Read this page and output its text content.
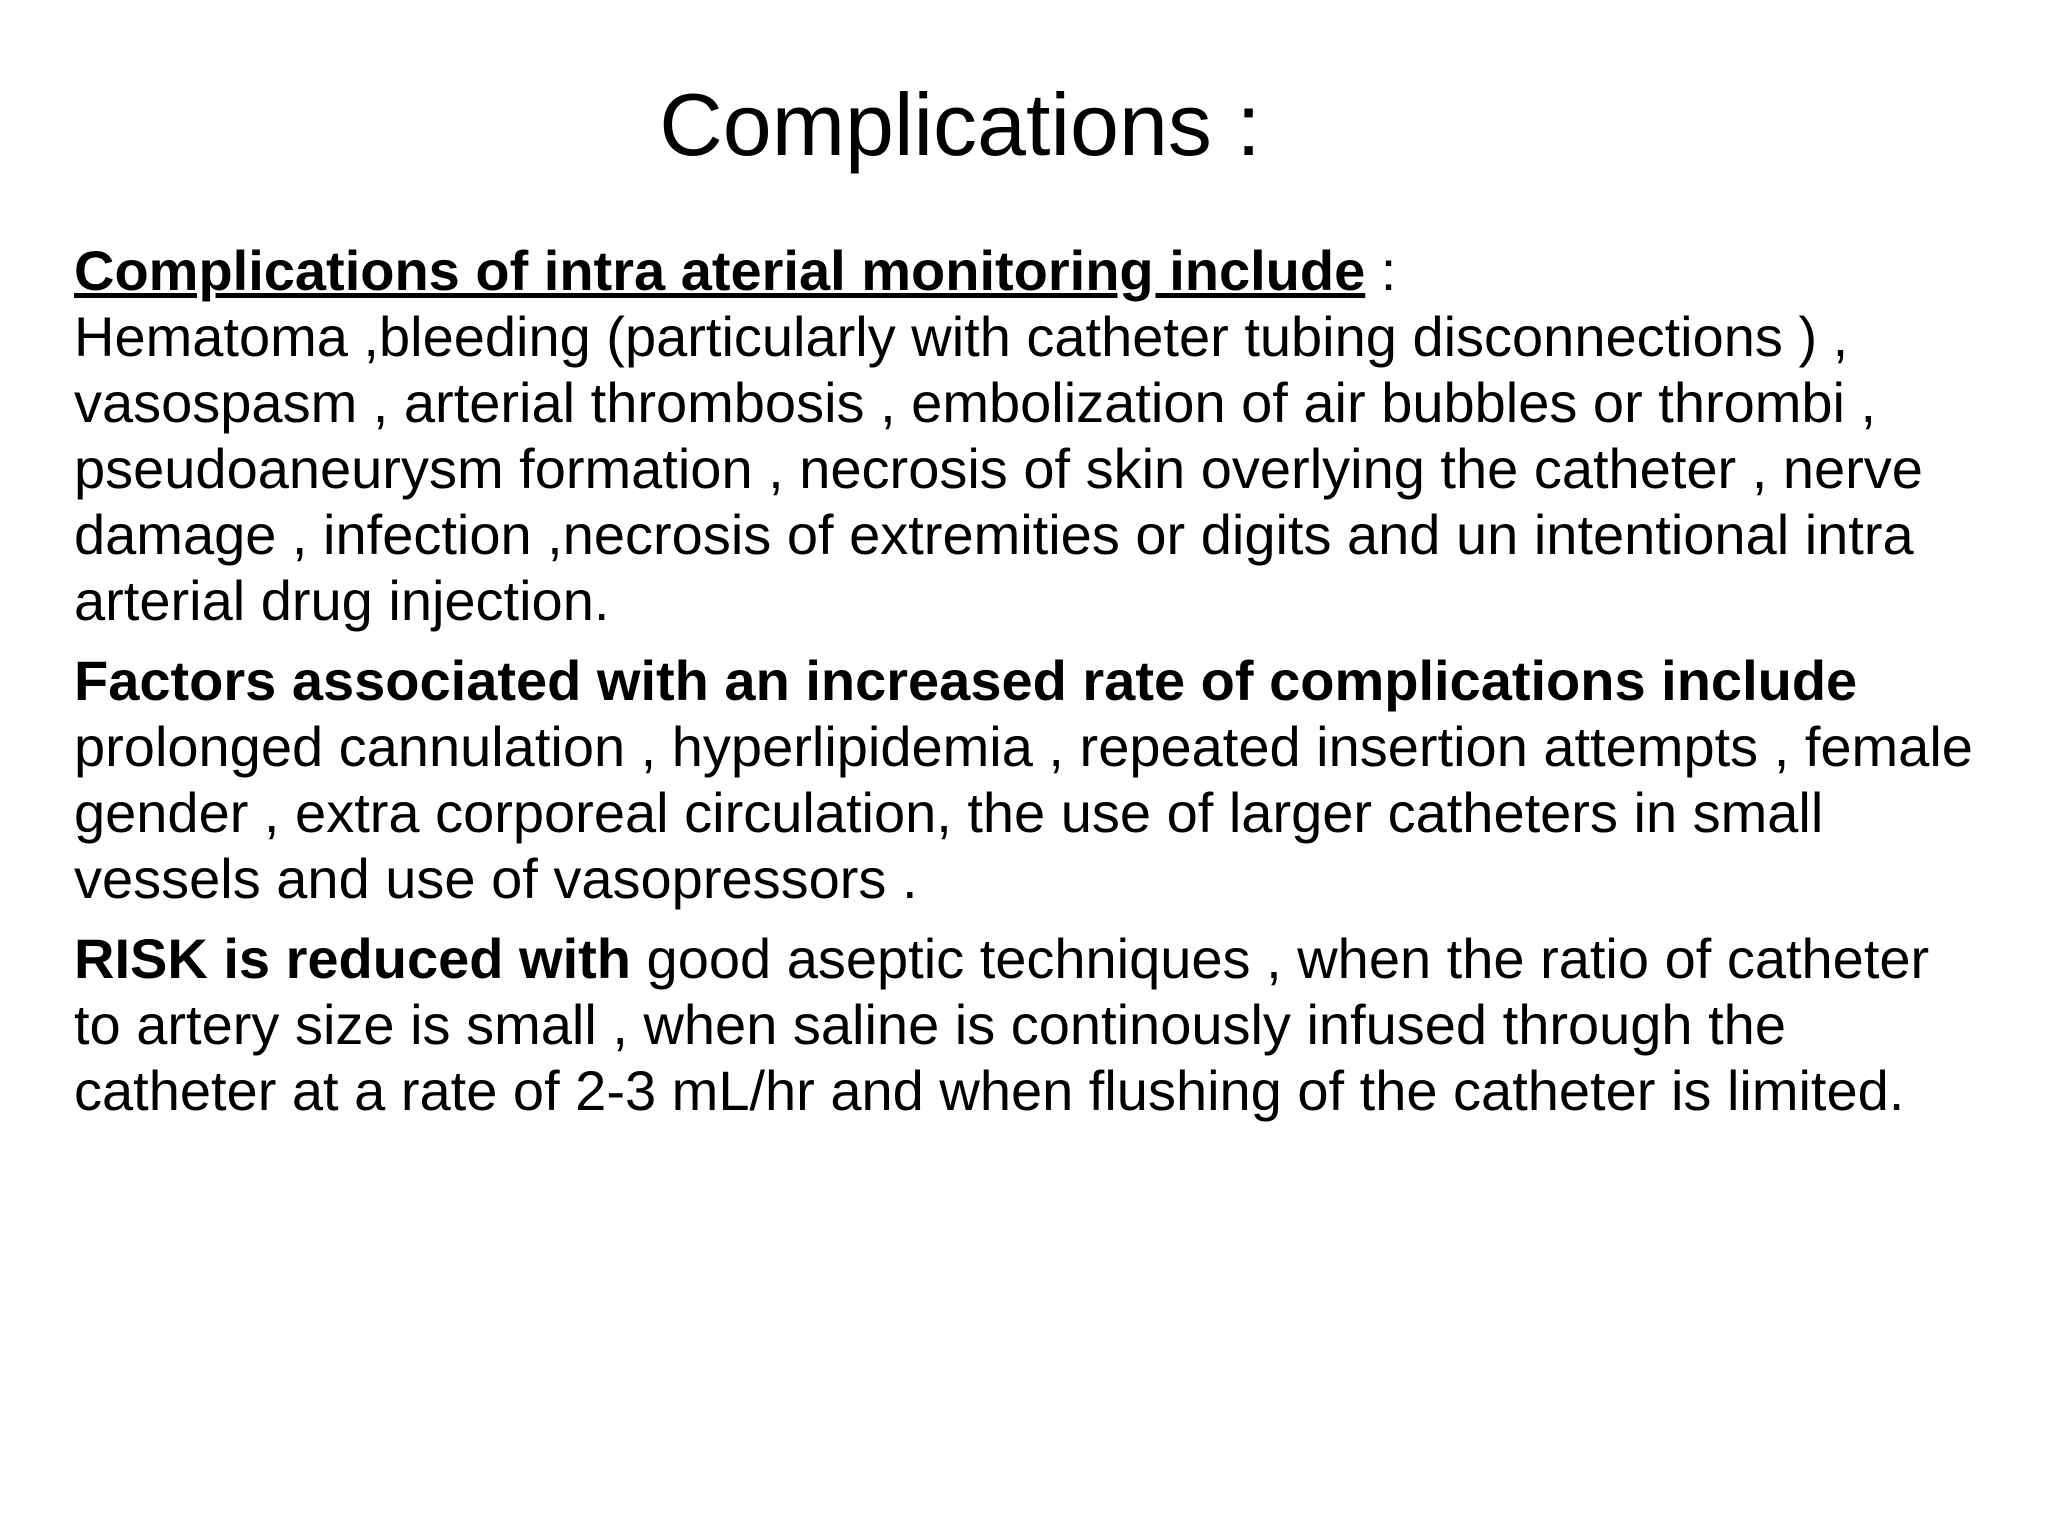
Complications :

Complications of intra aterial monitoring include :
Hematoma ,bleeding (particularly with catheter tubing disconnections ) , vasospasm , arterial thrombosis , embolization of air bubbles or thrombi , pseudoaneurysm formation , necrosis of skin overlying the catheter , nerve damage , infection ,necrosis of extremities or digits and un intentional intra arterial drug injection.

Factors associated with an increased rate of complications include prolonged cannulation , hyperlipidemia , repeated insertion attempts , female gender , extra corporeal circulation, the use of larger catheters in small vessels and use of vasopressors .

RISK is reduced with good aseptic techniques , when the ratio of catheter to artery size is small , when saline is continously infused through the catheter at a rate of 2-3 mL/hr and when flushing of the catheter is limited.
